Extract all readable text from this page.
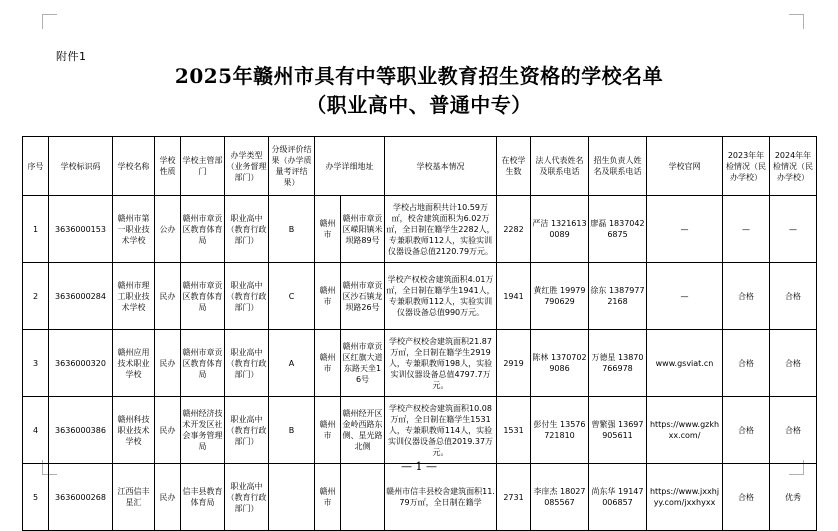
附件1
2025年赣州市具有中等职业教育招生资格的学校名单
（职业高中、普通中专）
序号	学校标识码	学校名称	学校性质	学校主管部门	办学类型（业务督理部门）	分级评价结果（办学质量考评结果）	办学详细地址		学校基本情况	在校学生数	法人代表姓名及联系电话	招生负责人姓名及联系电话	学校官网	2023年年检情况（民办学校）	2024年年检情况（民办学校）
1	3636000153	赣州市第一职业技术学校	公办	赣州市章贡区教育体育局	职业高中（教育行政部门）	B	赣州市	赣州市章贡区嵘阳镇米坝路89号	学校占地面积共计10.59万㎡，校舍建筑面积为6.02万㎡，全日制在籍学生2282人，专兼职教师112人，实验实训仪器设备总值2120.79万元。	2282	严洁 13216130089	廖磊 18370426875	—	—	—
2	3636000284	赣州市理工职业技术学校	民办	赣州市章贡区教育体育局	职业高中（教育行政部门）	C	赣州市	赣州市章贡区沙石镇龙坝路26号	学校产权校舍建筑面积4.01万㎡，全日制在籍学生1941人，专兼职教师112人，实验实训仪器设备总值990万元。	1941	黄红胜 19979790629	徐东 13879772168	—	合格	合格
3	3636000320	赣州应用技术职业学校	民办	赣州市章贡区教育体育局	职业高中（教育行政部门）	A	赣州市	赣州市章贡区红旗大道东路天坐16号	学校产权校舍建筑面积21.87万㎡，全日制在籍学生2919人，专兼职教师198人，实验实训仪器设备总值4797.7万元。	2919	陈林 13707029086	万德星 13870766978	www.gsviat.cn	合格	合格
4	3636000386	赣州科技职业技术学校	民办	赣州经济技术开发区社会事务管理局	职业高中（教育行政部门）	B	赣州市	赣州经开区金岭西路东侧、星光路北侧	学校产权校舍建筑面积10.08万㎡，全日制在籍学生1531人，专兼职教师114人，实验实训仪器设备总值2019.37万元。	1531	彭付生 13576721810	曾繁强 13697905611	https://www.gzkhxx.com/	合格	合格
5	3636000268	江西信丰星汇	民办	信丰县教育体育局	职业高中（教育行政部门）		赣州市		赣州市信丰县校舍建筑面积11.79万㎡，全日制在籍学	2731	李庠杰 18027085567	尚东华 19147006857	https://www.jxxhjyy.com/jxxhyxx	合格	优秀
— 1 —
